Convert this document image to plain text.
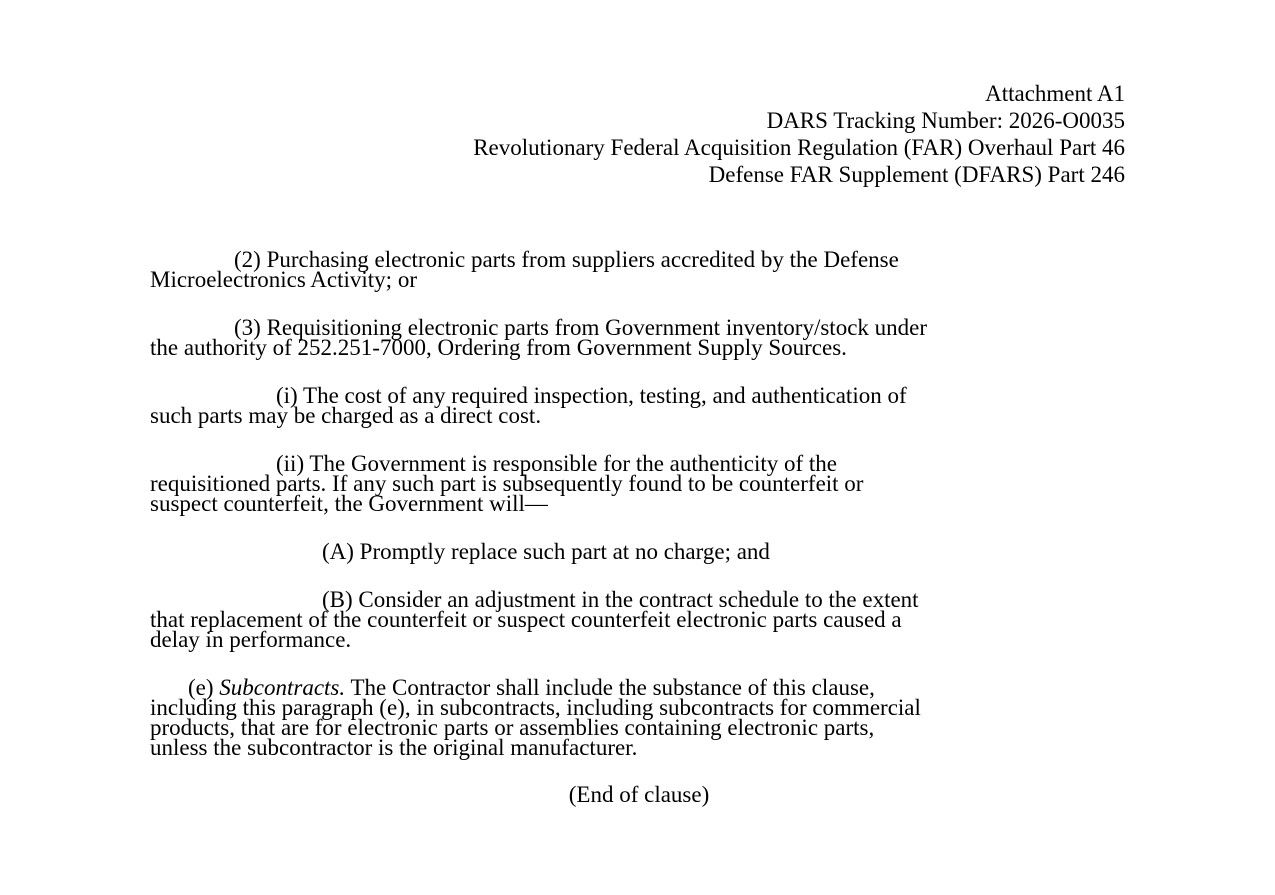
Attachment A1
DARS Tracking Number: 2026-O0035
Revolutionary Federal Acquisition Regulation (FAR) Overhaul Part 46
Defense FAR Supplement (DFARS) Part 246
(2) Purchasing electronic parts from suppliers accredited by the Defense
Microelectronics Activity; or
(3) Requisitioning electronic parts from Government inventory/stock under
the authority of 252.251-7000, Ordering from Government Supply Sources.
(i) The cost of any required inspection, testing, and authentication of
such parts may be charged as a direct cost.
(ii) The Government is responsible for the authenticity of the
requisitioned parts. If any such part is subsequently found to be counterfeit or
suspect counterfeit, the Government will—
(A) Promptly replace such part at no charge; and
(B) Consider an adjustment in the contract schedule to the extent
that replacement of the counterfeit or suspect counterfeit electronic parts caused a
delay in performance.
(e) Subcontracts. The Contractor shall include the substance of this clause,
including this paragraph (e), in subcontracts, including subcontracts for commercial
products, that are for electronic parts or assemblies containing electronic parts,
unless the subcontractor is the original manufacturer.
(End of clause)
